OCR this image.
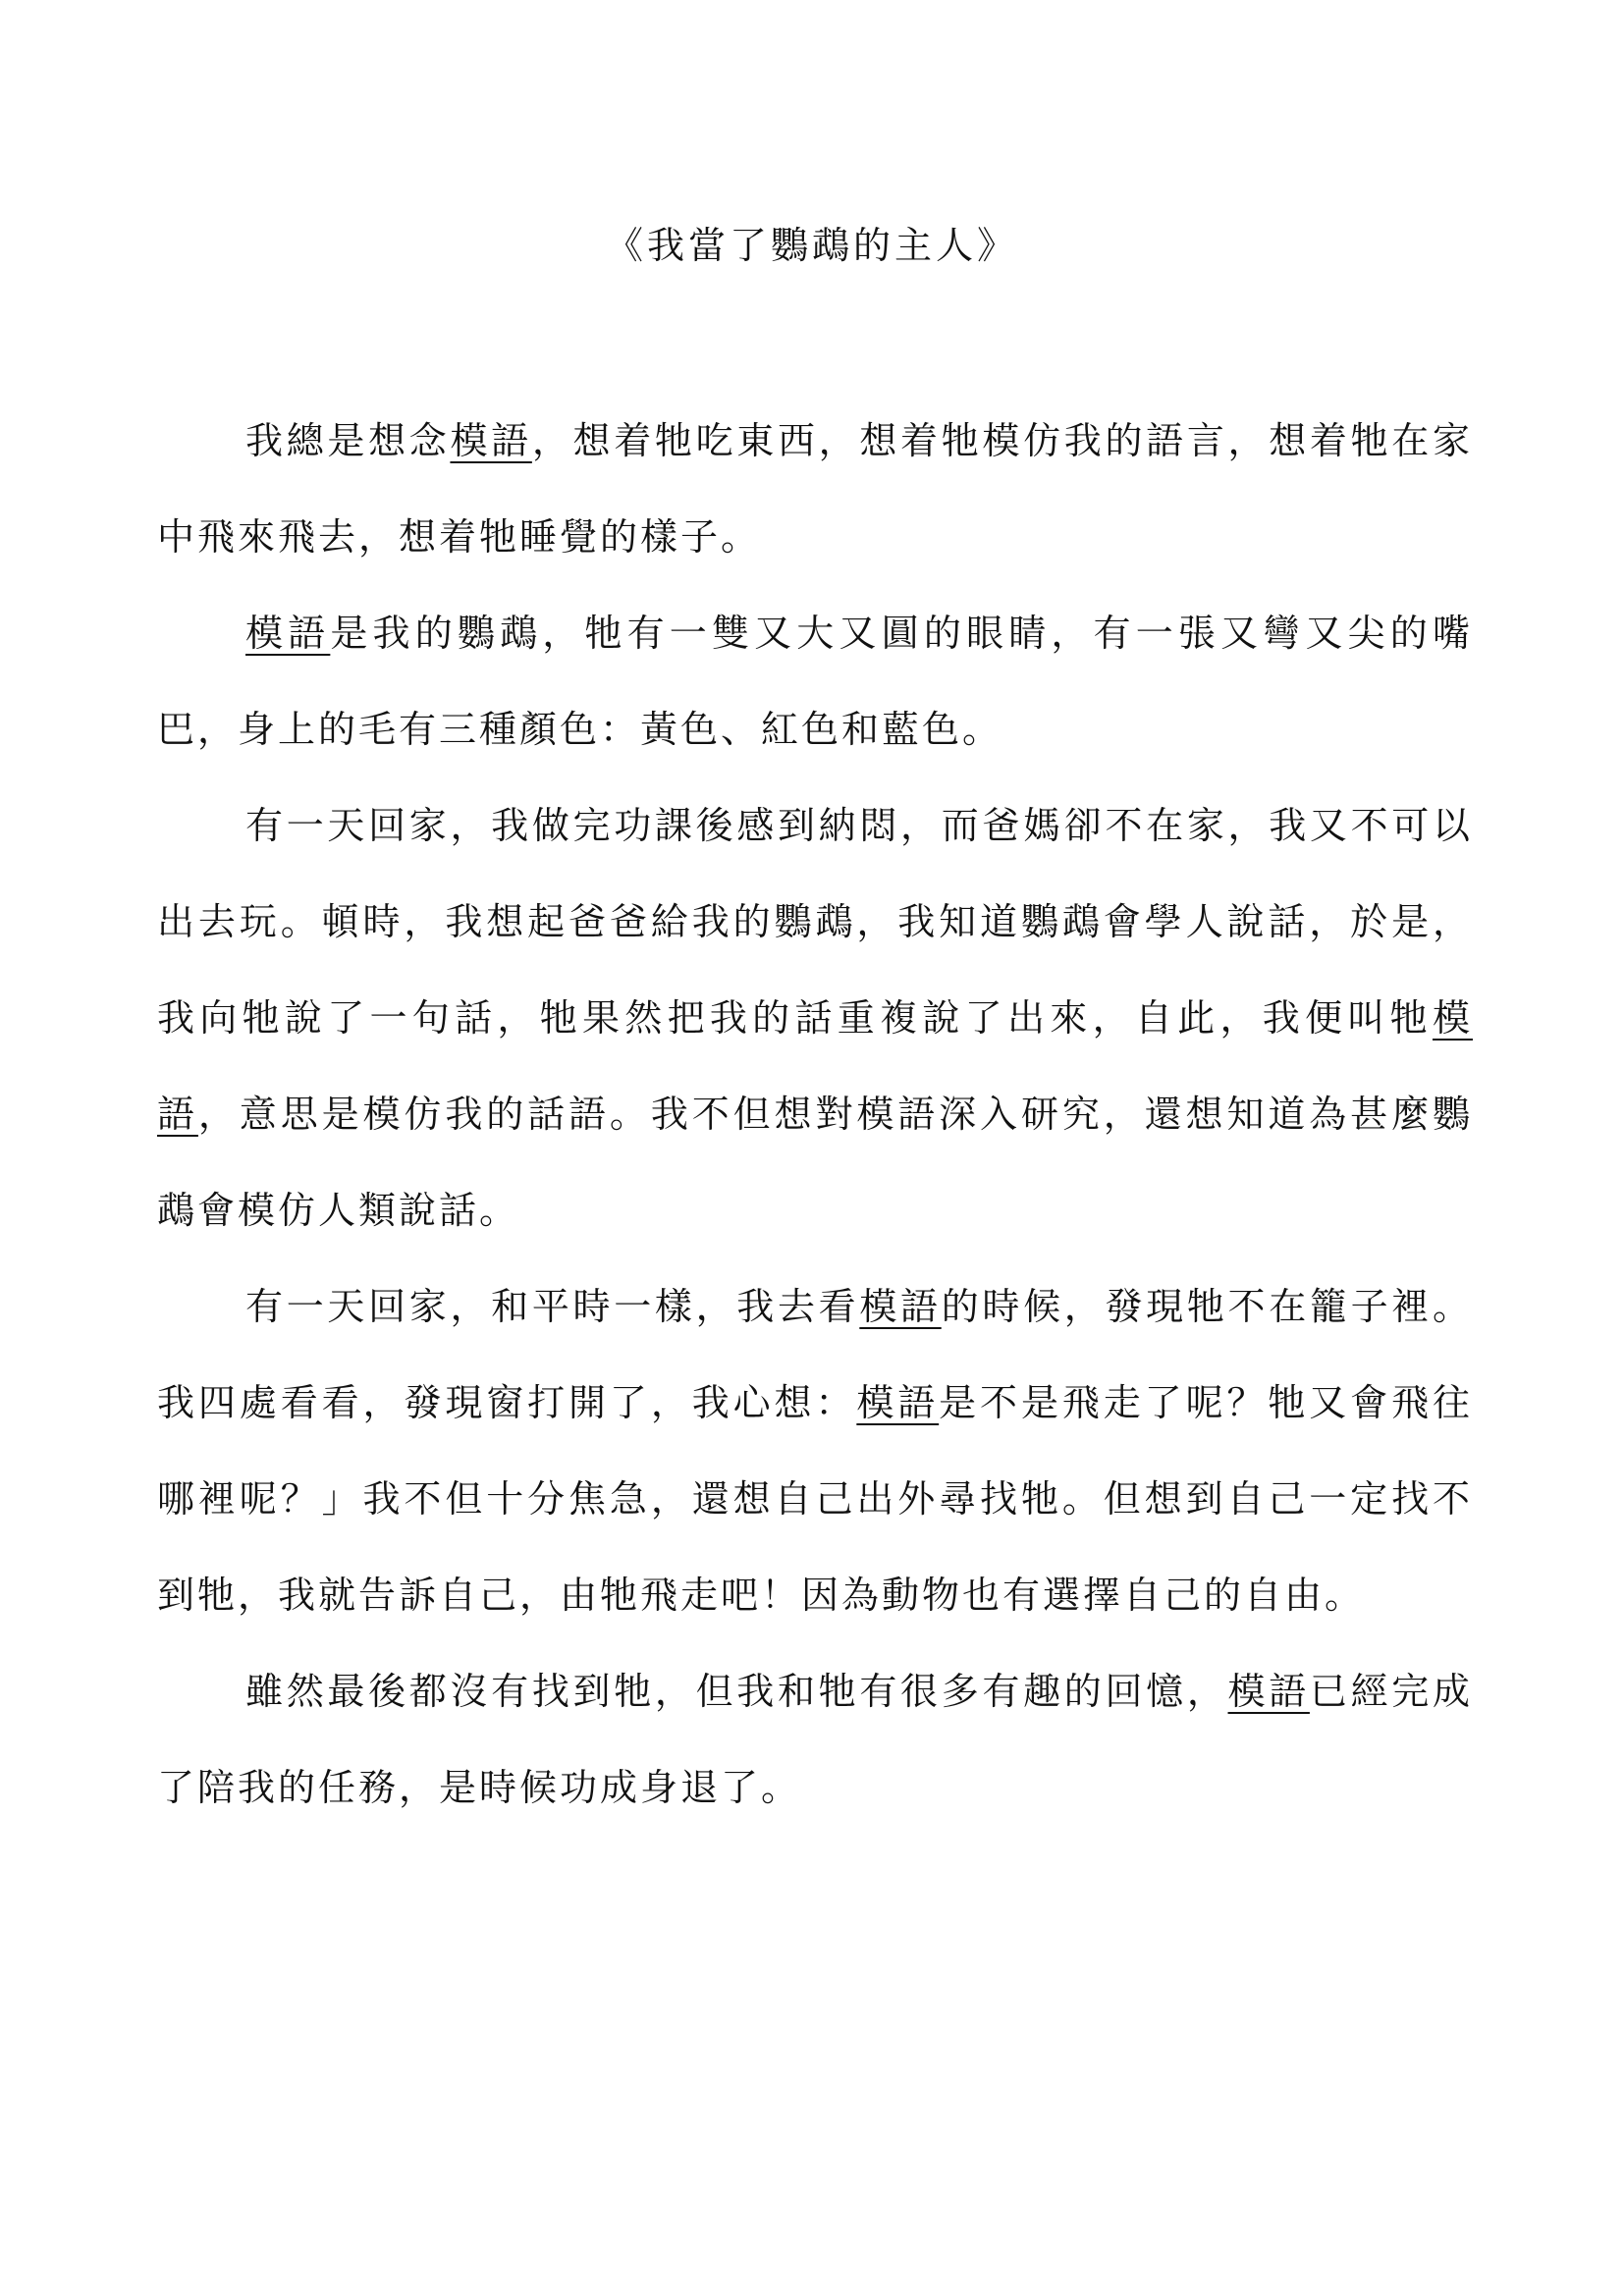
《我當了鸚鵡的主人》

我總是想念模語，想着牠吃東西，想着牠模仿我的語言，想着牠在家中飛來飛去，想着牠睡覺的樣子。

模語是我的鸚鵡，牠有一雙又大又圓的眼睛，有一張又彎又尖的嘴巴，身上的毛有三種顏色：黃色、紅色和藍色。

有一天回家，我做完功課後感到納悶，而爸媽卻不在家，我又不可以出去玩。頓時，我想起爸爸給我的鸚鵡，我知道鸚鵡會學人說話，於是，我向牠說了一句話，牠果然把我的話重複說了出來，自此，我便叫牠模語，意思是模仿我的話語。我不但想對模語深入研究，還想知道為甚麼鸚鵡會模仿人類說話。

有一天回家，和平時一樣，我去看模語的時候，發現牠不在籠子裡。我四處看看，發現窗打開了，我心想：模語是不是飛走了呢？牠又會飛往哪裡呢？」我不但十分焦急，還想自己出外尋找牠。但想到自己一定找不到牠，我就告訴自己，由牠飛走吧！因為動物也有選擇自己的自由。

雖然最後都沒有找到牠，但我和牠有很多有趣的回憶，模語已經完成了陪我的任務，是時候功成身退了。
